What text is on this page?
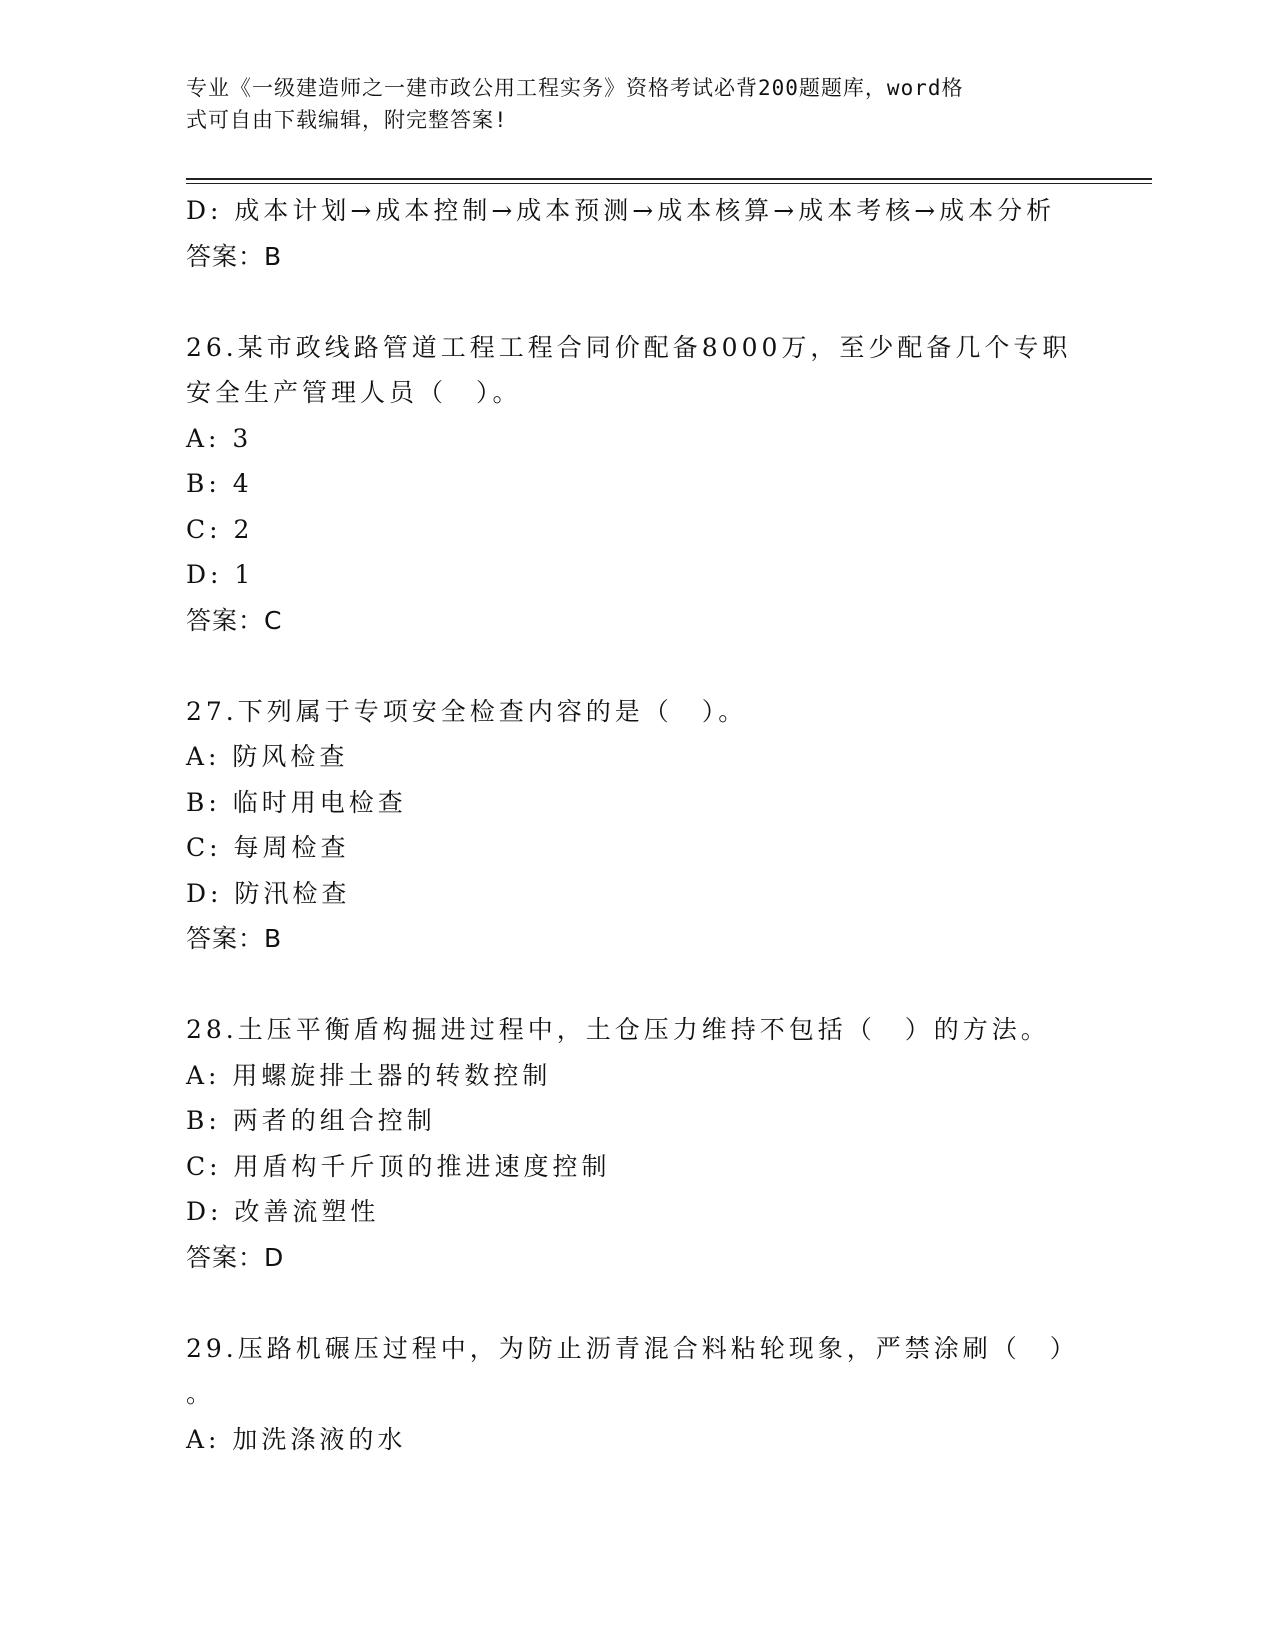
专业《一级建造师之一建市政公用工程实务》资格考试必背200题题库，word格
式可自由下载编辑，附完整答案!
D: 成本计划→成本控制→成本预测→成本核算→成本考核→成本分析
答案：B
26.某市政线路管道工程工程合同价配备8000万，至少配备几个专职
安全生产管理人员（　）。
A: 3
B: 4
C: 2
D: 1
答案：C
27.下列属于专项安全检查内容的是（　）。
A: 防风检查
B: 临时用电检查
C: 每周检查
D: 防汛检查
答案：B
28.土压平衡盾构掘进过程中，土仓压力维持不包括（　）的方法。
A: 用螺旋排土器的转数控制
B: 两者的组合控制
C: 用盾构千斤顶的推进速度控制
D: 改善流塑性
答案：D
29.压路机碾压过程中，为防止沥青混合料粘轮现象，严禁涂刷（　）
。
A: 加洗涤液的水
